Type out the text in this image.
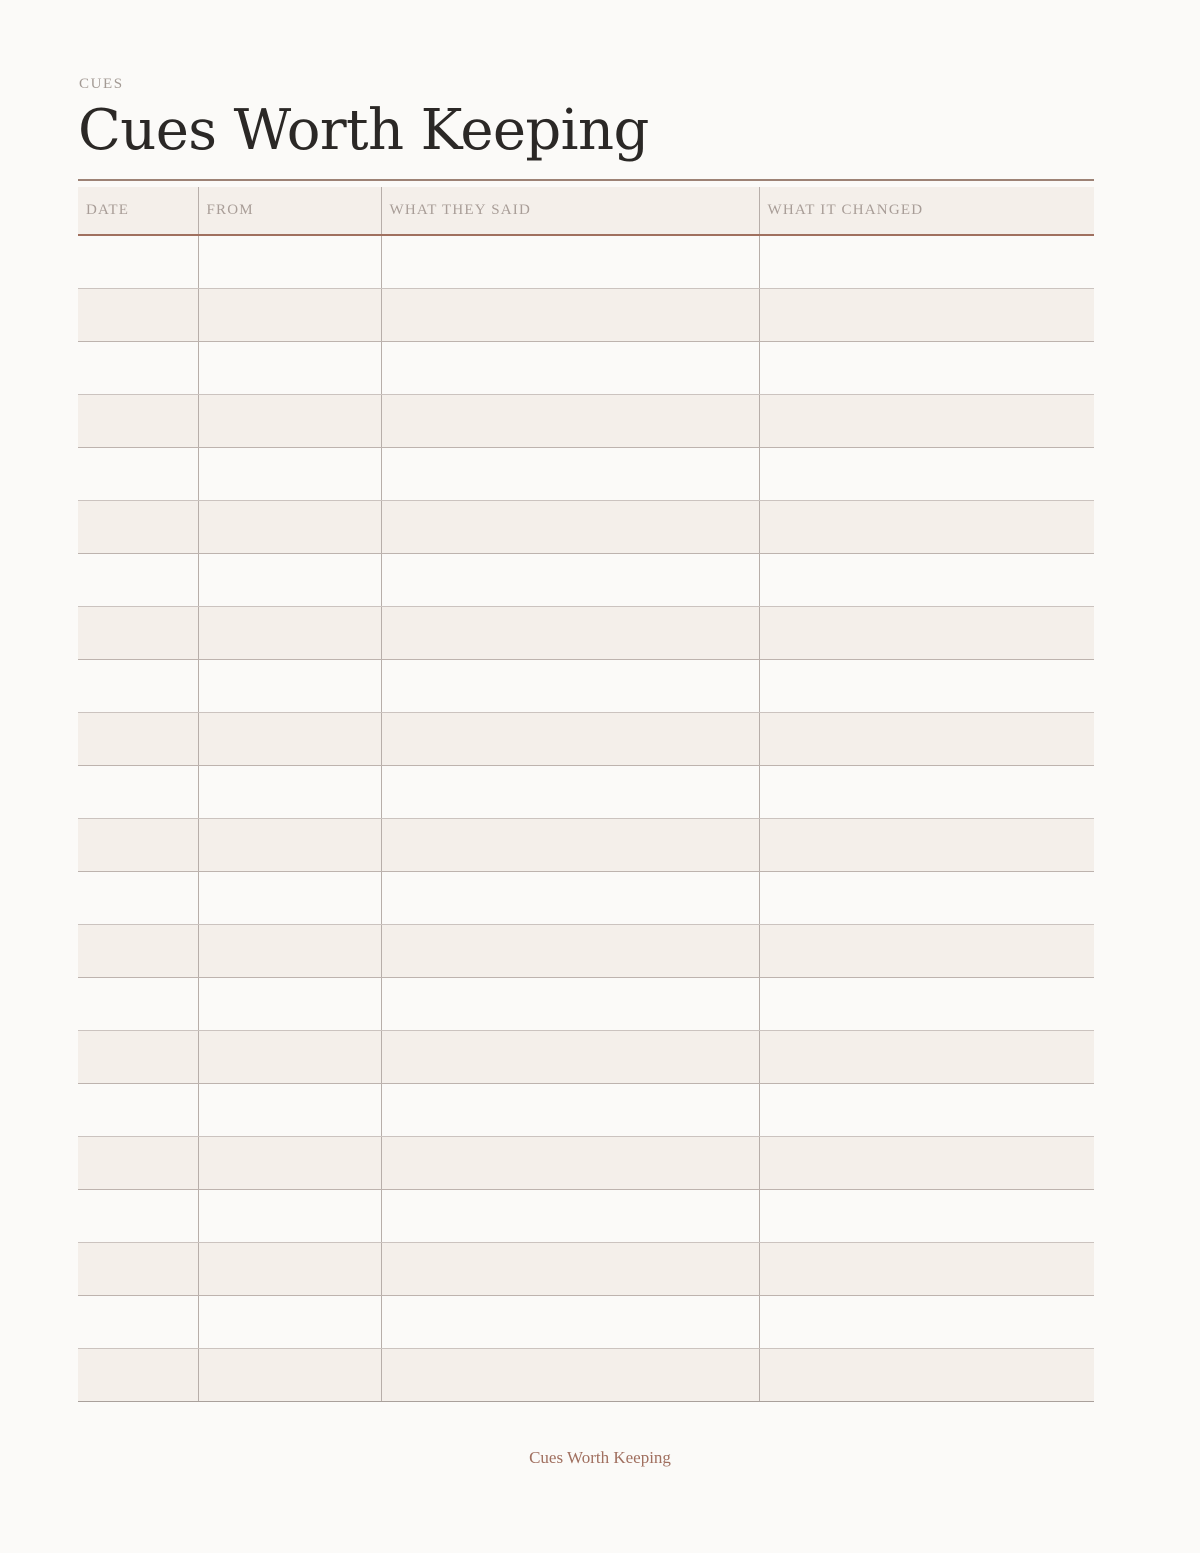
CUES
Cues Worth Keeping
DATE	FROM	WHAT THEY SAID	WHAT IT CHANGED

Cues Worth Keeping
